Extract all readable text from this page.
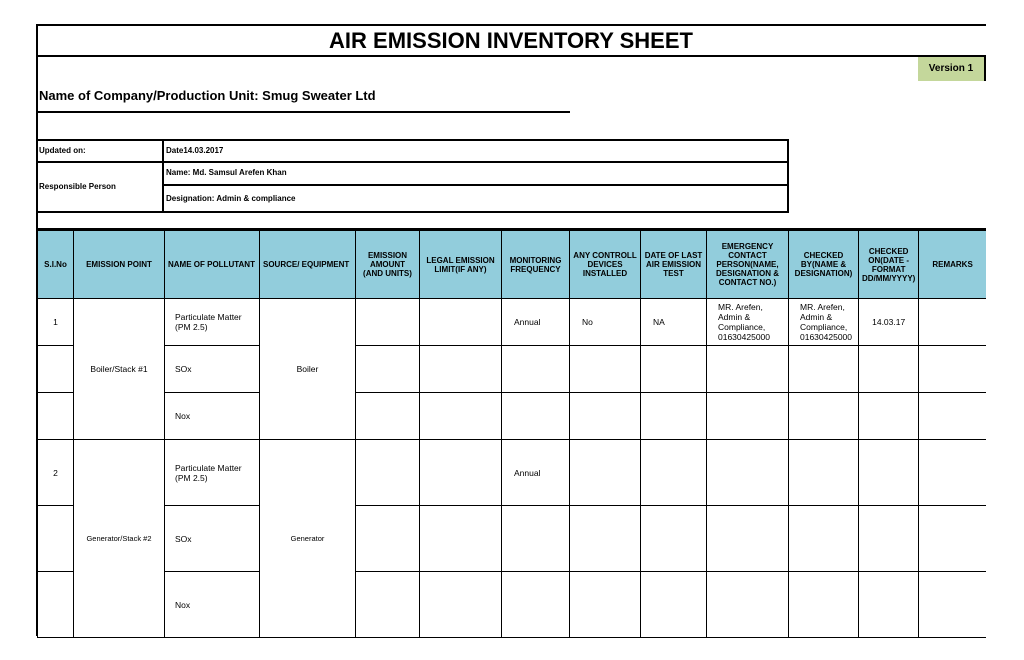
AIR EMISSION INVENTORY SHEET
Version 1
Name of Company/Production Unit: Smug Sweater Ltd
Updated on:	Date14.03.2017
Responsible Person
Name: Md. Samsul Arefen Khan
Designation: Admin & compliance
S.I.No	EMISSION POINT	NAME OF POLLUTANT	SOURCE/ EQUIPMENT	EMISSION AMOUNT (AND UNITS)	LEGAL EMISSION LIMIT(IF ANY)	MONITORING FREQUENCY	ANY CONTROLL DEVICES INSTALLED	DATE OF LAST AIR EMISSION TEST	EMERGENCY CONTACT PERSON(NAME, DESIGNATION & CONTACT NO.)	CHECKED BY(NAME & DESIGNATION)	CHECKED ON(DATE - FORMAT DD/MM/YYYY)	REMARKS
1	Boiler/Stack #1	Particulate Matter (PM 2.5)	Boiler			Annual	No	NA	MR. Arefen, Admin & Compliance, 01630425000	MR. Arefen, Admin & Compliance, 01630425000	14.03.17	
		SOx										
		Nox										
2	Generator/Stack #2	Particulate Matter (PM 2.5)	Generator			Annual						
		SOx										
		Nox										
